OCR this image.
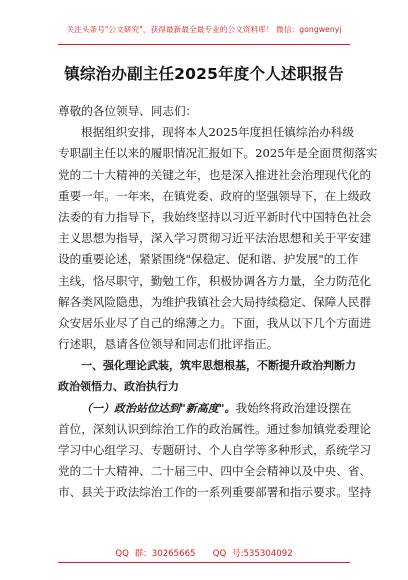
关注头条号"公文研究"，获得最新最全最专业的公文资料库！ 微信：gongwenyj
镇综治办副主任2025年度个人述职报告
尊敬的各位领导、同志们：
根据组织安排，现将本人2025年度担任镇综治办科级
专职副主任以来的履职情况汇报如下。2025年是全面贯彻落实
党的二十大精神的关键之年，也是深入推进社会治理现代化的
重要一年。一年来，在镇党委、政府的坚强领导下，在上级政
法委的有力指导下，我始终坚持以习近平新时代中国特色社会
主义思想为指导，深入学习贯彻习近平法治思想和关于平安建
设的重要论述，紧紧围绕"保稳定、促和谐、护发展"的工作
主线，恪尽职守，勤勉工作，积极协调各方力量，全力防范化
解各类风险隐患，为维护我镇社会大局持续稳定、保障人民群
众安居乐业尽了自己的绵薄之力。下面，我从以下几个方面进
行述职，恳请各位领导和同志们批评指正。
一、强化理论武装，筑牢思想根基，不断提升政治判断力
政治领悟力、政治执行力
（一）政治站位达到"新高度"。我始终将政治建设摆在
首位，深刻认识到综治工作的政治属性。通过参加镇党委理论
学习中心组学习、专题研讨、个人自学等多种形式，系统学习
党的二十大精神、二十届三中、四中全会精神以及中央、省、
市、县关于政法综治工作的一系列重要部署和指示要求。坚持
QQ 群：30265665 QQ 号:535304092
